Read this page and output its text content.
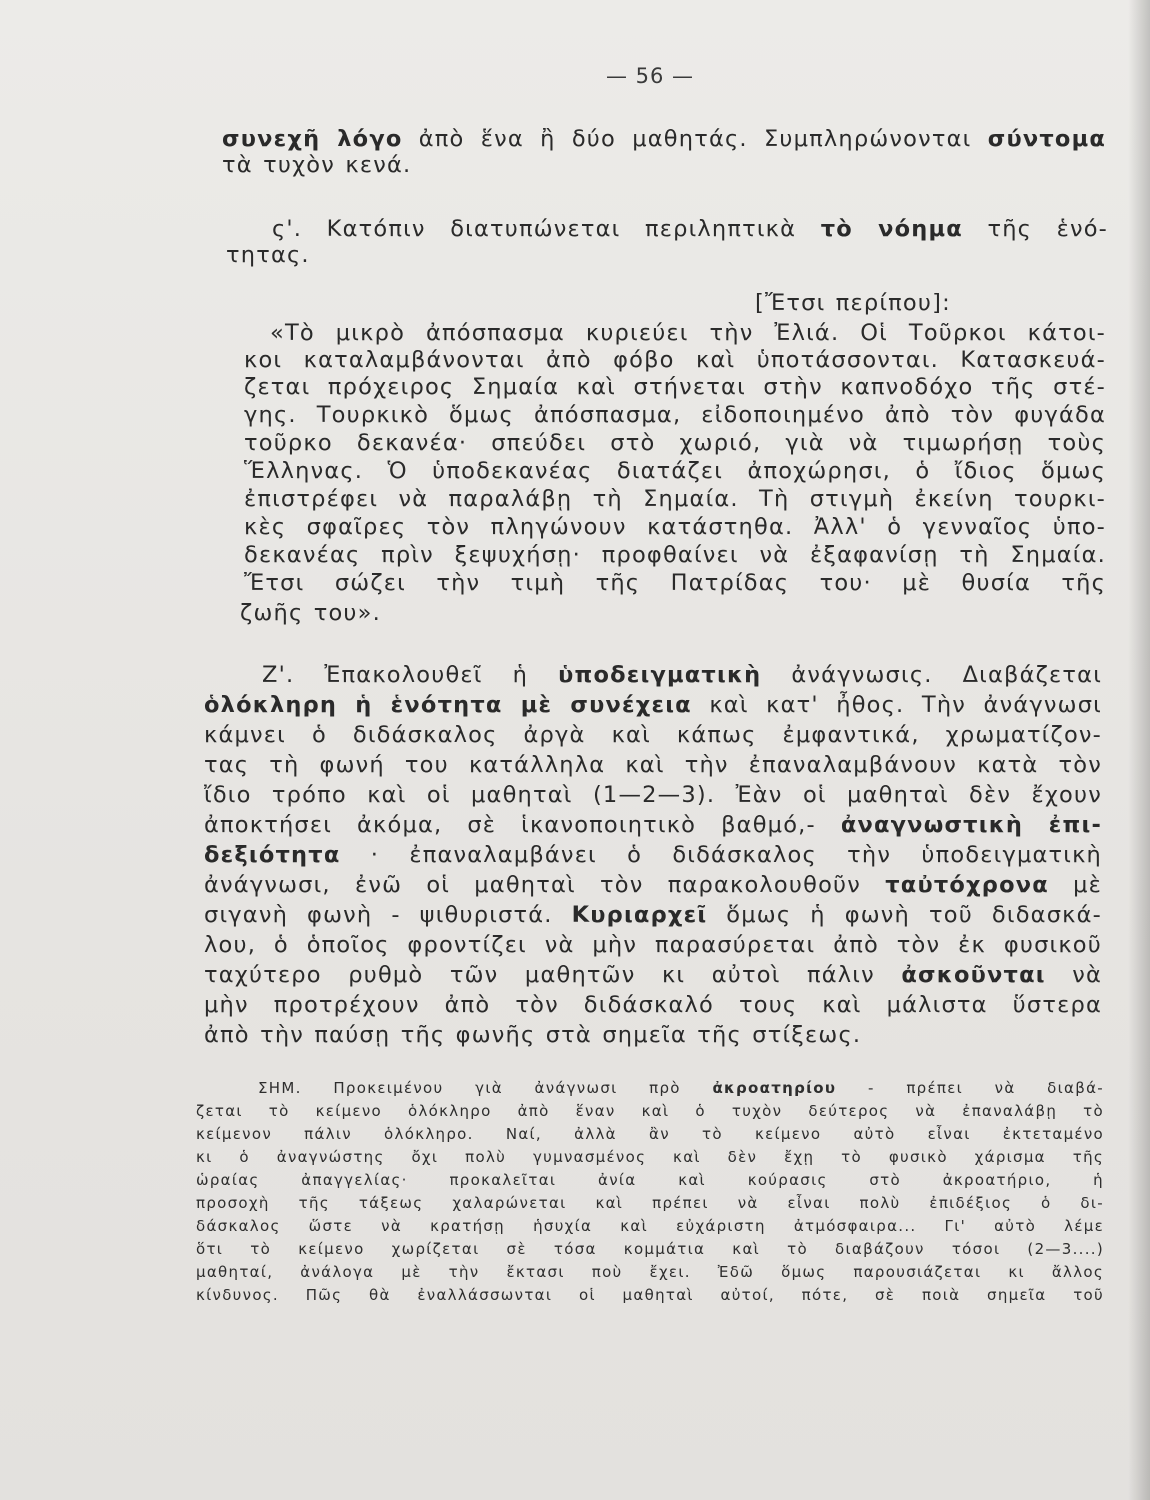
— 56 —
συνεχῆ λόγο ἀπὸ ἕνα ἢ δύο μαθητάς. Συμπληρώνονται σύντομα
τὰ τυχὸν κενά.
ς'. Κατόπιν διατυπώνεται περιληπτικὰ τὸ νόημα τῆς ἑνό-
τητας.
[Ἔτσι περίπου]:
«Τὸ μικρὸ ἀπόσπασμα κυριεύει τὴν Ἐλιά. Οἱ Τοῦρκοι κάτοι-
κοι καταλαμβάνονται ἀπὸ φόβο καὶ ὑποτάσσονται. Κατασκευά-
ζεται πρόχειρος Σημαία καὶ στήνεται στὴν καπνοδόχο τῆς στέ-
γης. Τουρκικὸ ὅμως ἀπόσπασμα, εἰδοποιημένο ἀπὸ τὸν φυγάδα
τοῦρκο δεκανέα· σπεύδει στὸ χωριό, γιὰ νὰ τιμωρήσῃ τοὺς
Ἕλληνας. Ὁ ὑποδεκανέας διατάζει ἀποχώρησι, ὁ ἴδιος ὅμως
ἐπιστρέφει νὰ παραλάβῃ τὴ Σημαία. Τὴ στιγμὴ ἐκείνη τουρκι-
κὲς σφαῖρες τὸν πληγώνουν κατάστηθα. Ἀλλ' ὁ γενναῖος ὑπο-
δεκανέας πρὶν ξεψυχήσῃ· προφθαίνει νὰ ἐξαφανίσῃ τὴ Σημαία.
Ἔτσι σώζει τὴν τιμὴ τῆς Πατρίδας του· μὲ θυσία τῆς
ζωῆς του».
Ζ'. Ἐπακολουθεῖ ἡ ὑποδειγματικὴ ἀνάγνωσις. Διαβάζεται
ὁλόκληρη ἡ ἑνότητα μὲ συνέχεια καὶ κατ' ἦθος. Τὴν ἀνάγνωσι
κάμνει ὁ διδάσκαλος ἀργὰ καὶ κάπως ἐμφαντικά, χρωματίζον-
τας τὴ φωνή του κατάλληλα καὶ τὴν ἐπαναλαμβάνουν κατὰ τὸν
ἴδιο τρόπο καὶ οἱ μαθηταὶ (1—2—3). Ἐὰν οἱ μαθηταὶ δὲν ἔχουν
ἀποκτήσει ἀκόμα, σὲ ἱκανοποιητικὸ βαθμό,- ἀναγνωστικὴ ἐπι-
δεξιότητα · ἐπαναλαμβάνει ὁ διδάσκαλος τὴν ὑποδειγματικὴ
ἀνάγνωσι, ἐνῶ οἱ μαθηταὶ τὸν παρακολουθοῦν ταὐτόχρονα μὲ
σιγανὴ φωνὴ - ψιθυριστά. Κυριαρχεῖ ὅμως ἡ φωνὴ τοῦ διδασκά-
λου, ὁ ὁποῖος φροντίζει νὰ μὴν παρασύρεται ἀπὸ τὸν ἐκ φυσικοῦ
ταχύτερο ρυθμὸ τῶν μαθητῶν κι αὐτοὶ πάλιν ἀσκοῦνται νὰ
μὴν προτρέχουν ἀπὸ τὸν διδάσκαλό τους καὶ μάλιστα ὕστερα
ἀπὸ τὴν παύσῃ τῆς φωνῆς στὰ σημεῖα τῆς στίξεως.
ΣΗΜ. Προκειμένου γιὰ ἀνάγνωσι πρὸ ἀκροατηρίου - πρέπει νὰ διαβά-
ζεται τὸ κείμενο ὁλόκληρο ἀπὸ ἕναν καὶ ὁ τυχὸν δεύτερος νὰ ἐπαναλάβῃ τὸ
κείμενον πάλιν ὁλόκληρο. Ναί, ἀλλὰ ἂν τὸ κείμενο αὐτὸ εἶναι ἐκτεταμένο
κι ὁ ἀναγνώστης ὄχι πολὺ γυμνασμένος καὶ δὲν ἔχῃ τὸ φυσικὸ χάρισμα τῆς
ὡραίας ἀπαγγελίας· προκαλεῖται ἀνία καὶ κούρασις στὸ ἀκροατήριο, ἡ
προσοχὴ τῆς τάξεως χαλαρώνεται καὶ πρέπει νὰ εἶναι πολὺ ἐπιδέξιος ὁ δι-
δάσκαλος ὥστε νὰ κρατήσῃ ἡσυχία καὶ εὐχάριστη ἀτμόσφαιρα... Γι' αὐτὸ λέμε
ὅτι τὸ κείμενο χωρίζεται σὲ τόσα κομμάτια καὶ τὸ διαβάζουν τόσοι (2—3....)
μαθηταί, ἀνάλογα μὲ τὴν ἔκτασι ποὺ ἔχει. Ἐδῶ ὅμως παρουσιάζεται κι ἄλλος
κίνδυνος. Πῶς θὰ ἐναλλάσσωνται οἱ μαθηταὶ αὐτοί, πότε, σὲ ποιὰ σημεῖα τοῦ
